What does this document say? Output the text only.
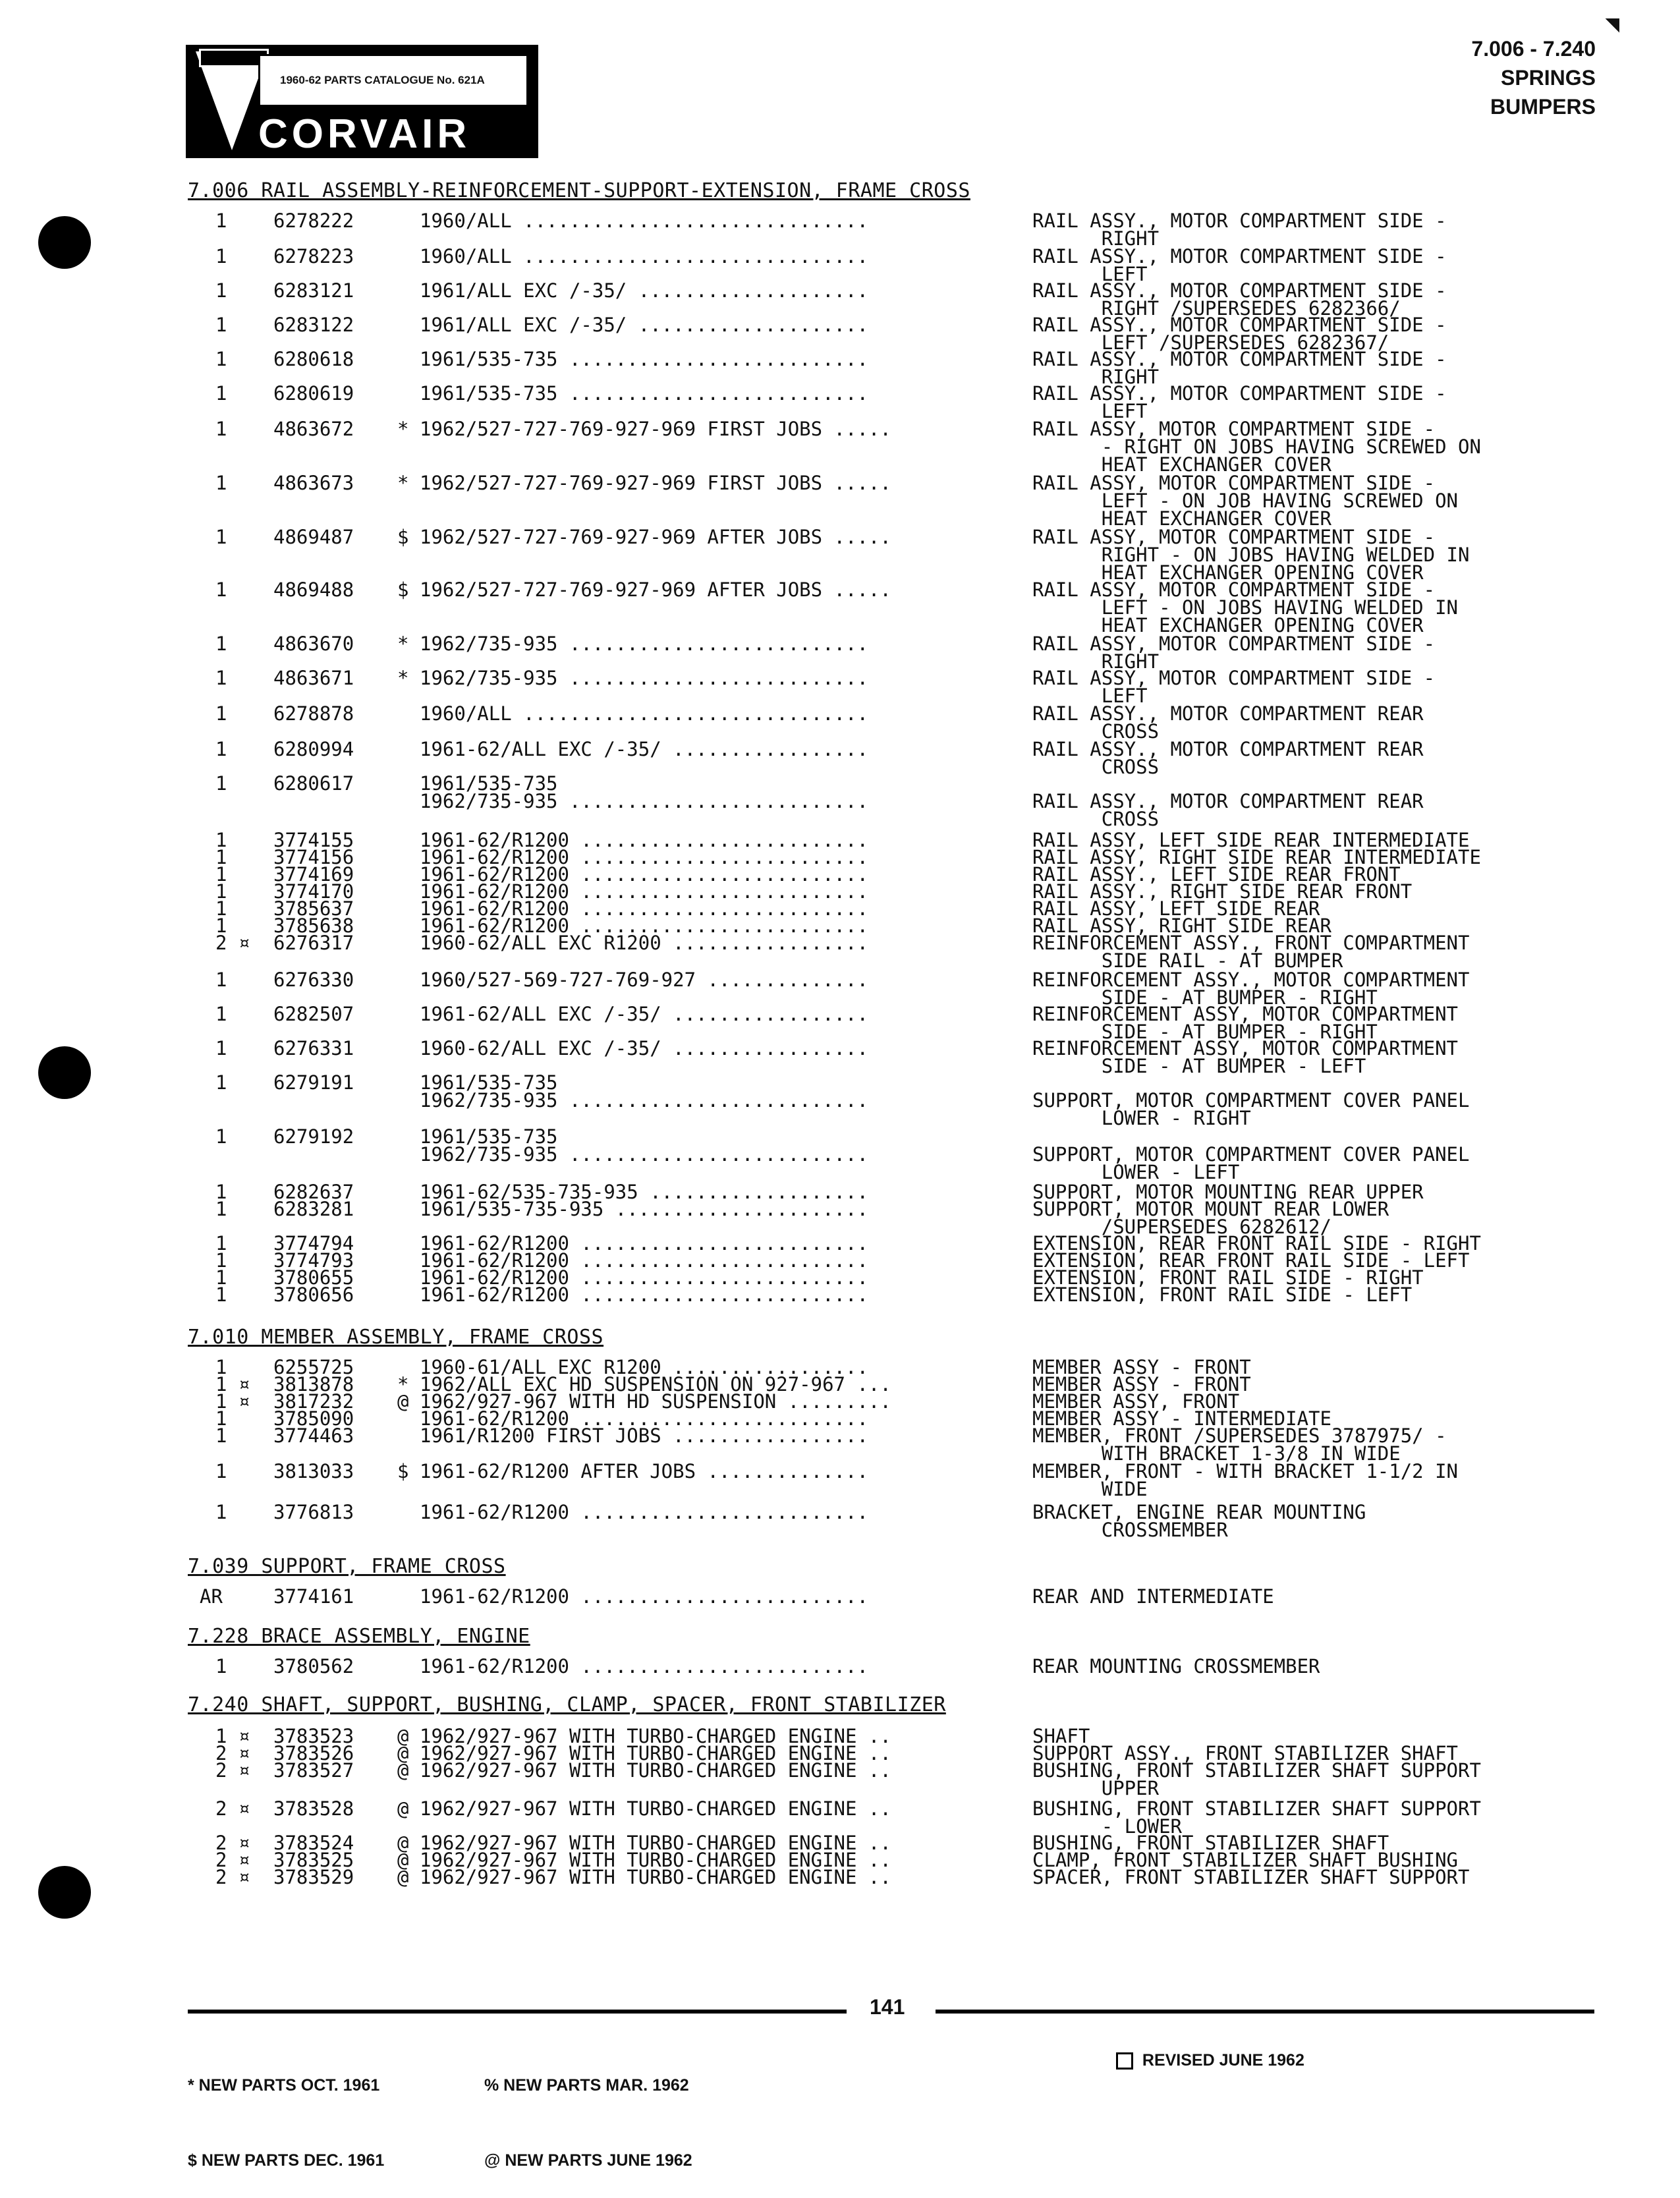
◥
1960-62 PARTS CATALOGUE No. 621A
CORVAIR
7.006 - 7.240
SPRINGS
BUMPERS
7.006 RAIL ASSEMBLY-REINFORCEMENT-SUPPORT-EXTENSION, FRAME CROSS
1	6278222	1960/ALL ..............................	RAIL ASSY., MOTOR COMPARTMENT SIDE -
RIGHT
1	6278223	1960/ALL ..............................	RAIL ASSY., MOTOR COMPARTMENT SIDE -
LEFT
1	6283121	1961/ALL EXC /-35/ ....................	RAIL ASSY., MOTOR COMPARTMENT SIDE -
RIGHT /SUPERSEDES 6282366/
1	6283122	1961/ALL EXC /-35/ ....................	RAIL ASSY., MOTOR COMPARTMENT SIDE -
LEFT /SUPERSEDES 6282367/
1	6280618	1961/535-735 ..........................	RAIL ASSY., MOTOR COMPARTMENT SIDE -
RIGHT
1	6280619	1961/535-735 ..........................	RAIL ASSY., MOTOR COMPARTMENT SIDE -
LEFT
1	4863672 * 1962/527-727-769-927-969 FIRST JOBS .....	RAIL ASSY, MOTOR COMPARTMENT SIDE -
- RIGHT ON JOBS HAVING SCREWED ON
HEAT EXCHANGER COVER
1	4863673 * 1962/527-727-769-927-969 FIRST JOBS .....	RAIL ASSY, MOTOR COMPARTMENT SIDE -
LEFT - ON JOB HAVING SCREWED ON
HEAT EXCHANGER COVER
1	4869487 $ 1962/527-727-769-927-969 AFTER JOBS .....	RAIL ASSY, MOTOR COMPARTMENT SIDE -
RIGHT - ON JOBS HAVING WELDED IN
HEAT EXCHANGER OPENING COVER
1	4869488 $ 1962/527-727-769-927-969 AFTER JOBS .....	RAIL ASSY, MOTOR COMPARTMENT SIDE -
LEFT - ON JOBS HAVING WELDED IN
HEAT EXCHANGER OPENING COVER
1	4863670 * 1962/735-935 ..........................	RAIL ASSY, MOTOR COMPARTMENT SIDE -
RIGHT
1	4863671 * 1962/735-935 ..........................	RAIL ASSY, MOTOR COMPARTMENT SIDE -
LEFT
1	6278878	1960/ALL ..............................	RAIL ASSY., MOTOR COMPARTMENT REAR
CROSS
1	6280994	1961-62/ALL EXC /-35/ .................	RAIL ASSY., MOTOR COMPARTMENT REAR
CROSS
1	6280617	1961/535-735
1962/735-935 ..........................	
RAIL ASSY., MOTOR COMPARTMENT REAR
CROSS
1	3774155	1961-62/R1200 .........................	RAIL ASSY, LEFT SIDE REAR INTERMEDIATE
1	3774156	1961-62/R1200 .........................	RAIL ASSY, RIGHT SIDE REAR INTERMEDIATE
1	3774169	1961-62/R1200 .........................	RAIL ASSY., LEFT SIDE REAR FRONT
1	3774170	1961-62/R1200 .........................	RAIL ASSY., RIGHT SIDE REAR FRONT
1	3785637	1961-62/R1200 .........................	RAIL ASSY, LEFT SIDE REAR
1	3785638	1961-62/R1200 .........................	RAIL ASSY, RIGHT SIDE REAR
2 ¤ 6276317	1960-62/ALL EXC R1200 .................	REINFORCEMENT ASSY., FRONT COMPARTMENT
SIDE RAIL - AT BUMPER
1	6276330	1960/527-569-727-769-927 ..............	REINFORCEMENT ASSY., MOTOR COMPARTMENT
SIDE - AT BUMPER - RIGHT
1	6282507	1961-62/ALL EXC /-35/ .................	REINFORCEMENT ASSY, MOTOR COMPARTMENT
SIDE - AT BUMPER - RIGHT
1	6276331	1960-62/ALL EXC /-35/ .................	REINFORCEMENT ASSY, MOTOR COMPARTMENT
SIDE - AT BUMPER - LEFT
1	6279191	1961/535-735
1962/735-935 ..........................	
SUPPORT, MOTOR COMPARTMENT COVER PANEL
LOWER - RIGHT
1	6279192	1961/535-735
1962/735-935 ..........................	
SUPPORT, MOTOR COMPARTMENT COVER PANEL
LOWER - LEFT
1	6282637	1961-62/535-735-935 ...................	SUPPORT, MOTOR MOUNTING REAR UPPER
1	6283281	1961/535-735-935 ......................	SUPPORT, MOTOR MOUNT REAR LOWER
/SUPERSEDES 6282612/
1	3774794	1961-62/R1200 .........................	EXTENSION, REAR FRONT RAIL SIDE - RIGHT
1	3774793	1961-62/R1200 .........................	EXTENSION, REAR FRONT RAIL SIDE - LEFT
1	3780655	1961-62/R1200 .........................	EXTENSION, FRONT RAIL SIDE - RIGHT
1	3780656	1961-62/R1200 .........................	EXTENSION, FRONT RAIL SIDE - LEFT
7.010 MEMBER ASSEMBLY, FRAME CROSS
1	6255725	1960-61/ALL EXC R1200 .................	MEMBER ASSY - FRONT
1 ¤ 3813878 * 1962/ALL EXC HD SUSPENSION ON 927-967 ...	MEMBER ASSY - FRONT
1 ¤ 3817232 @ 1962/927-967 WITH HD SUSPENSION .........	MEMBER ASSY, FRONT
1	3785090	1961-62/R1200 .........................	MEMBER ASSY - INTERMEDIATE
1	3774463	1961/R1200 FIRST JOBS .................	MEMBER, FRONT /SUPERSEDES 3787975/ -
WITH BRACKET 1-3/8 IN WIDE
1	3813033 $ 1961-62/R1200 AFTER JOBS ..............	MEMBER, FRONT - WITH BRACKET 1-1/2 IN
WIDE
1	3776813	1961-62/R1200 .........................	BRACKET, ENGINE REAR MOUNTING
CROSSMEMBER
7.039 SUPPORT, FRAME CROSS
AR	3774161	1961-62/R1200 .........................	REAR AND INTERMEDIATE
7.228 BRACE ASSEMBLY, ENGINE
1	3780562	1961-62/R1200 .........................	REAR MOUNTING CROSSMEMBER
7.240 SHAFT, SUPPORT, BUSHING, CLAMP, SPACER, FRONT STABILIZER
1 ¤ 3783523 @ 1962/927-967 WITH TURBO-CHARGED ENGINE ..	SHAFT
2 ¤ 3783526 @ 1962/927-967 WITH TURBO-CHARGED ENGINE ..	SUPPORT ASSY., FRONT STABILIZER SHAFT
2 ¤ 3783527 @ 1962/927-967 WITH TURBO-CHARGED ENGINE ..	BUSHING, FRONT STABILIZER SHAFT SUPPORT
UPPER
2 ¤ 3783528 @ 1962/927-967 WITH TURBO-CHARGED ENGINE ..	BUSHING, FRONT STABILIZER SHAFT SUPPORT
- LOWER
2 ¤ 3783524 @ 1962/927-967 WITH TURBO-CHARGED ENGINE ..	BUSHING, FRONT STABILIZER SHAFT
2 ¤ 3783525 @ 1962/927-967 WITH TURBO-CHARGED ENGINE ..	CLAMP, FRONT STABILIZER SHAFT BUSHING
2 ¤ 3783529 @ 1962/927-967 WITH TURBO-CHARGED ENGINE ..	SPACER, FRONT STABILIZER SHAFT SUPPORT
141

* NEW PARTS OCT. 1961

$ NEW PARTS DEC. 1961

% NEW PARTS MAR. 1962

@ NEW PARTS JUNE 1962

REVISED JUNE 1962
